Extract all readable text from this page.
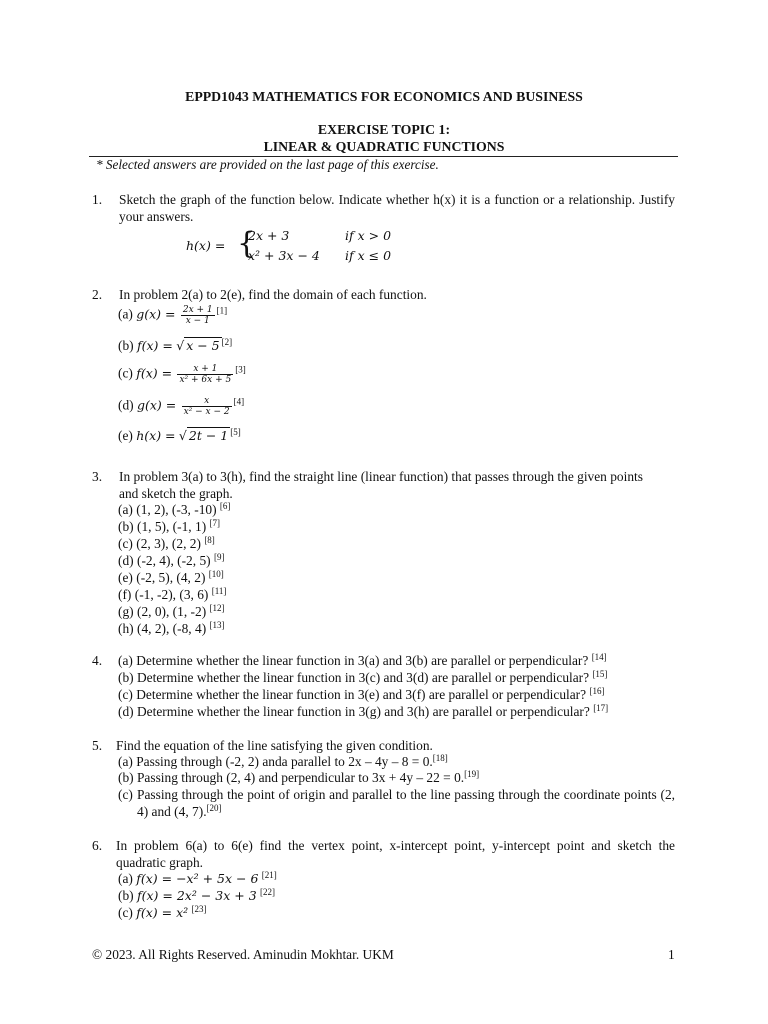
EPPD1043 MATHEMATICS FOR ECONOMICS AND BUSINESS
EXERCISE TOPIC 1:
LINEAR & QUADRATIC FUNCTIONS
* Selected answers are provided on the last page of this exercise.
1. Sketch the graph of the function below. Indicate whether h(x) it is a function or a relationship. Justify your answers.
h(x) = {
2x + 3	if x > 0
x² + 3x − 4 if x ≤ 0
2. In problem 2(a) to 2(e), find the domain of each function.
(a) $g(x) = \frac{2x + 1}{x - 1} [1]$
(b) f(x) = √ x − 5 [2]
(c) $f(x) = \frac{x + 1}{\text{x² + 6x + 5}} [3]$
(d) $g(x) = \frac{x}{\text{x² − x − 2}} [4]$
(e) h(x) = √ 2t − 1 [5]
3. In problem 3(a) to 3(h), find the straight line (linear function) that passes through the given points and sketch the graph.
(a) (1, 2), (-3, -10) [6]
(b) (1, 5), (-1, 1) [7]
(c) (2, 3), (2, 2) [8]
(d) (-2, 4), (-2, 5) [9]
(e) (-2, 5), (4, 2) [10]
(f) (-1, -2), (3, 6) [11]
(g) (2, 0), (1, -2) [12]
(h) (4, 2), (-8, 4) [13]
4. (a) Determine whether the linear function in 3(a) and 3(b) are parallel or perpendicular? [14]
(b) Determine whether the linear function in 3(c) and 3(d) are parallel or perpendicular? [15]
(c) Determine whether the linear function in 3(e) and 3(f) are parallel or perpendicular? [16]
(d) Determine whether the linear function in 3(g) and 3(h) are parallel or perpendicular? [17]
5. Find the equation of the line satisfying the given condition.
(a) Passing through (-2, 2) anda parallel to 2x – 4y – 8 = 0.[18]
(b) Passing through (2, 4) and perpendicular to 3x + 4y – 22 = 0.[19]
(c) Passing through the point of origin and parallel to the line passing through the coordinate points (2, 4) and (4, 7).[20]
6. In problem 6(a) to 6(e) find the vertex point, x-intercept point, y-intercept point and sketch the quadratic graph.
(a) f(x) = −x² + 5x − 6 [21]
(b) f(x) = 2x² − 3x + 3 [22]
(c) f(x) = x² [23]
© 2023. All Rights Reserved. Aminudin Mokhtar. UKM	1
